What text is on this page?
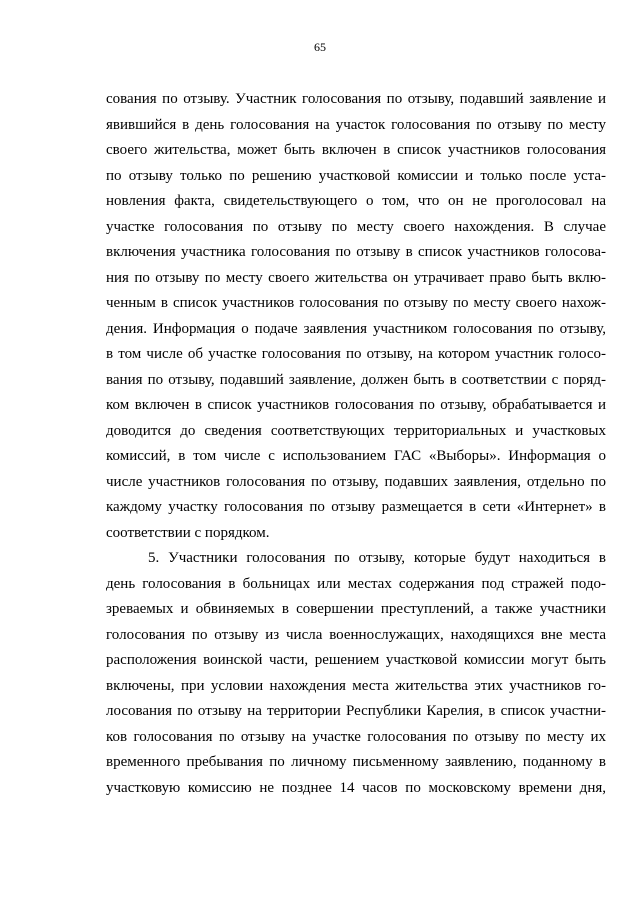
65
сования по отзыву. Участник голосования по отзыву, подавший заявление и
явившийся в день голосования на участок голосования по отзыву по месту
своего жительства, может быть включен в список участников голосования
по отзыву только по решению участковой комиссии и только после уста-
новления факта, свидетельствующего о том, что он не проголосовал на
участке голосования по отзыву по месту своего нахождения. В случае
включения участника голосования по отзыву в список участников голосова-
ния по отзыву по месту своего жительства он утрачивает право быть вклю-
ченным в список участников голосования по отзыву по месту своего нахож-
дения. Информация о подаче заявления участником голосования по отзыву,
в том числе об участке голосования по отзыву, на котором участник голосо-
вания по отзыву, подавший заявление, должен быть в соответствии с поряд-
ком включен в список участников голосования по отзыву, обрабатывается и
доводится до сведения соответствующих территориальных и участковых
комиссий, в том числе с использованием ГАС «Выборы». Информация о
числе участников голосования по отзыву, подавших заявления, отдельно по
каждому участку голосования по отзыву размещается в сети «Интернет» в
соответствии с порядком.
5. Участники голосования по отзыву, которые будут находиться в
день голосования в больницах или местах содержания под стражей подо-
зреваемых и обвиняемых в совершении преступлений, а также участники
голосования по отзыву из числа военнослужащих, находящихся вне места
расположения воинской части, решением участковой комиссии могут быть
включены, при условии нахождения места жительства этих участников го-
лосования по отзыву на территории Республики Карелия, в список участни-
ков голосования по отзыву на участке голосования по отзыву по месту их
временного пребывания по личному письменному заявлению, поданному в
участковую комиссию не позднее 14 часов по московскому времени дня,
